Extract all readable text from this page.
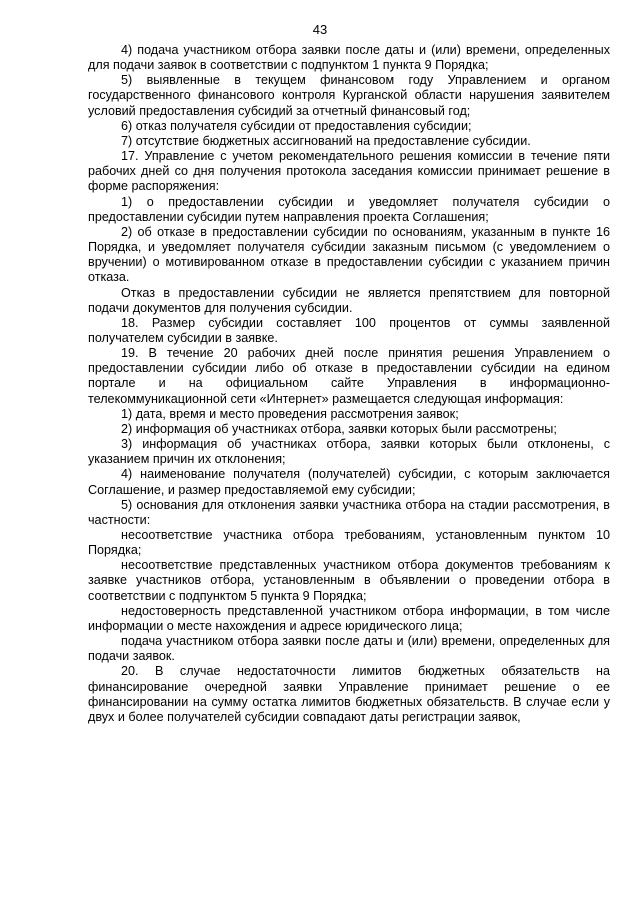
43

4) подача участником отбора заявки после даты и (или) времени, определенных для подачи заявок в соответствии с подпунктом 1 пункта 9 Порядка;

5) выявленные в текущем финансовом году Управлением и органом государственного финансового контроля Курганской области нарушения заявителем условий предоставления субсидий за отчетный финансовый год;

6) отказ получателя субсидии от предоставления субсидии;

7) отсутствие бюджетных ассигнований на предоставление субсидии.

17. Управление с учетом рекомендательного решения комиссии в течение пяти рабочих дней со дня получения протокола заседания комиссии принимает решение в форме распоряжения:

1) о предоставлении субсидии и уведомляет получателя субсидии о предоставлении субсидии путем направления проекта Соглашения;

2) об отказе в предоставлении субсидии по основаниям, указанным в пункте 16 Порядка, и уведомляет получателя субсидии заказным письмом (с уведомлением о вручении) о мотивированном отказе в предоставлении субсидии с указанием причин отказа.

Отказ в предоставлении субсидии не является препятствием для повторной подачи документов для получения субсидии.

18. Размер субсидии составляет 100 процентов от суммы заявленной получателем субсидии в заявке.

19. В течение 20 рабочих дней после принятия решения Управлением о предоставлении субсидии либо об отказе в предоставлении субсидии на едином портале и на официальном сайте Управления в информационно-телекоммуникационной сети «Интернет» размещается следующая информация:

1) дата, время и место проведения рассмотрения заявок;

2) информация об участниках отбора, заявки которых были рассмотрены;

3) информация об участниках отбора, заявки которых были отклонены, с указанием причин их отклонения;

4) наименование получателя (получателей) субсидии, с которым заключается Соглашение, и размер предоставляемой ему субсидии;

5) основания для отклонения заявки участника отбора на стадии рассмотрения, в частности:

несоответствие участника отбора требованиям, установленным пунктом 10 Порядка;

несоответствие представленных участником отбора документов требованиям к заявке участников отбора, установленным в объявлении о проведении отбора в соответствии с подпунктом 5 пункта 9 Порядка;

недостоверность представленной участником отбора информации, в том числе информации о месте нахождения и адресе юридического лица;

подача участником отбора заявки после даты и (или) времени, определенных для подачи заявок.

20. В случае недостаточности лимитов бюджетных обязательств на финансирование очередной заявки Управление принимает решение о ее финансировании на сумму остатка лимитов бюджетных обязательств. В случае если у двух и более получателей субсидии совпадают даты регистрации заявок,
